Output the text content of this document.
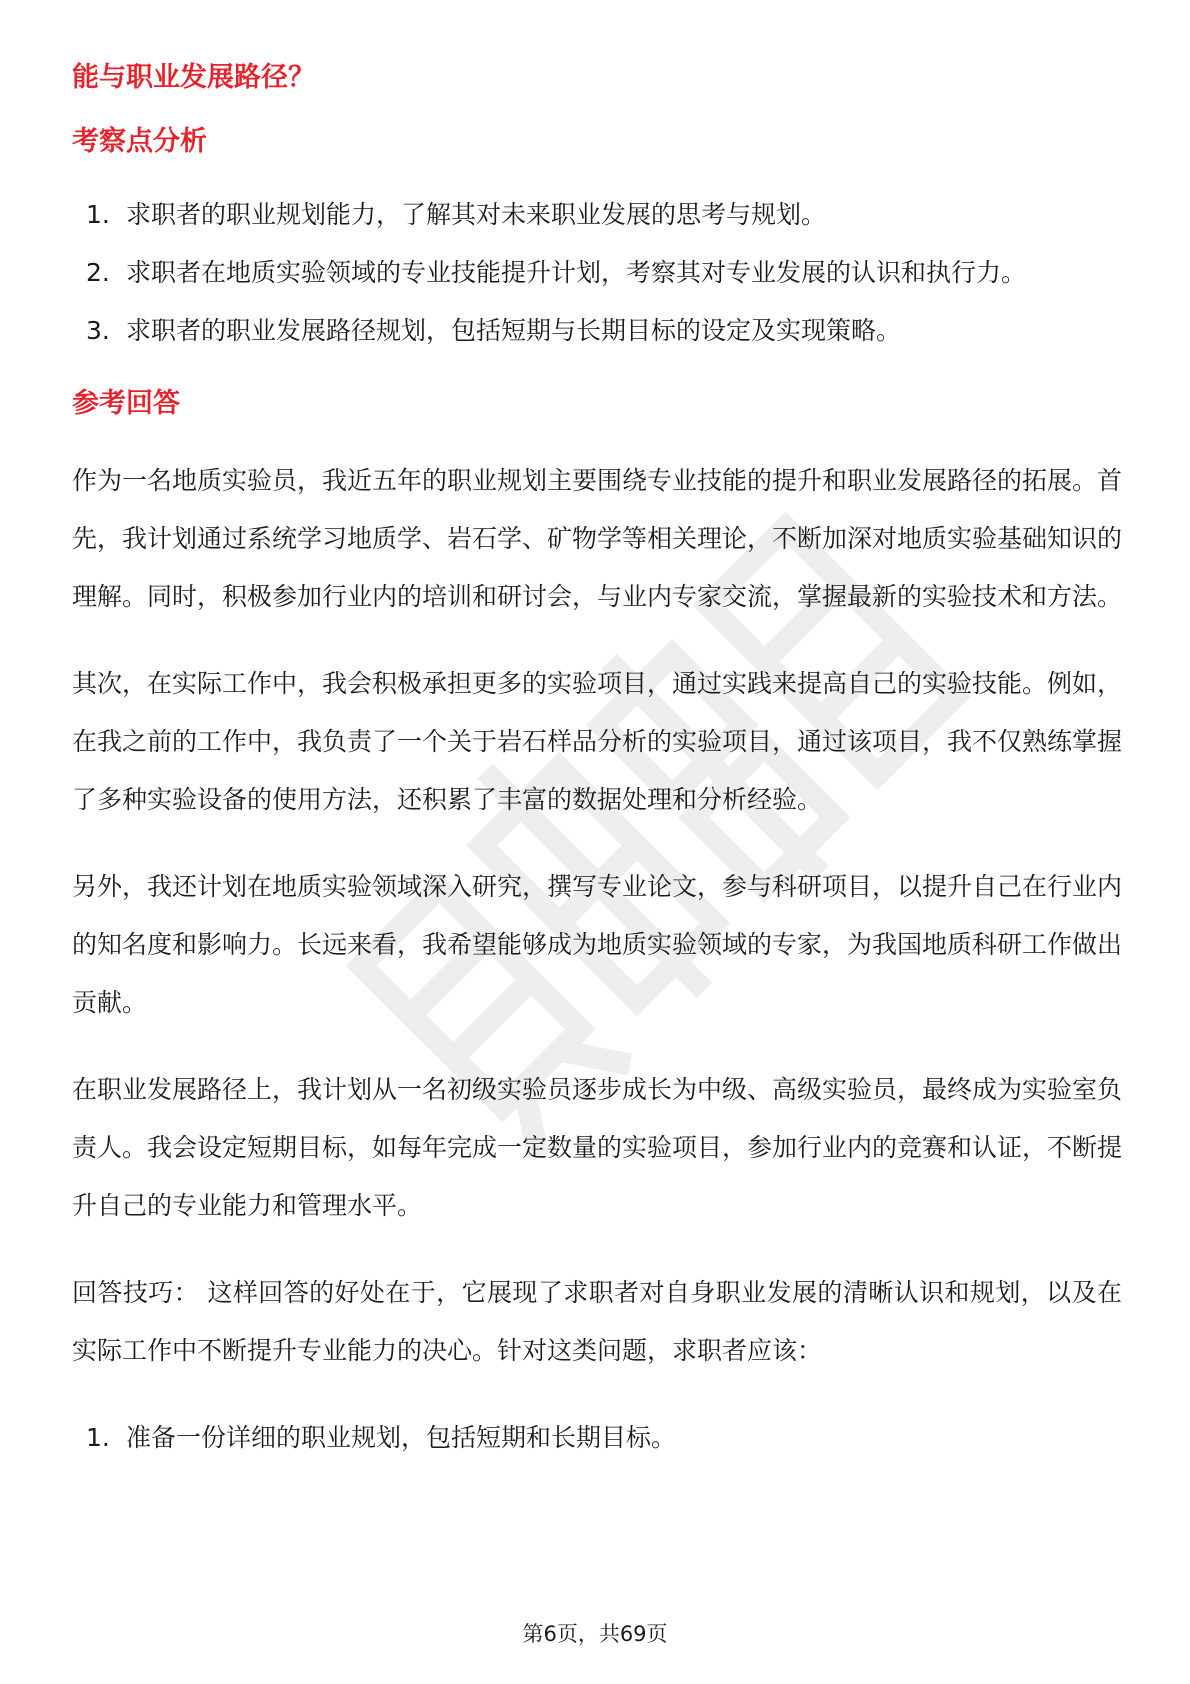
能与职业发展路径？
考察点分析
1. 求职者的职业规划能力，了解其对未来职业发展的思考与规划。
2. 求职者在地质实验领域的专业技能提升计划，考察其对专业发展的认识和执行力。
3. 求职者的职业发展路径规划，包括短期与长期目标的设定及实现策略。
参考回答

作为一名地质实验员，我近五年的职业规划主要围绕专业技能的提升和职业发展路径的拓展。首先，我计划通过系统学习地质学、岩石学、矿物学等相关理论，不断加深对地质实验基础知识的理解。同时，积极参加行业内的培训和研讨会，与业内专家交流，掌握最新的实验技术和方法。

其次，在实际工作中，我会积极承担更多的实验项目，通过实践来提高自己的实验技能。例如，在我之前的工作中，我负责了一个关于岩石样品分析的实验项目，通过该项目，我不仅熟练掌握了多种实验设备的使用方法，还积累了丰富的数据处理和分析经验。

另外，我还计划在地质实验领域深入研究，撰写专业论文，参与科研项目，以提升自己在行业内的知名度和影响力。长远来看，我希望能够成为地质实验领域的专家，为我国地质科研工作做出贡献。

在职业发展路径上，我计划从一名初级实验员逐步成长为中级、高级实验员，最终成为实验室负责人。我会设定短期目标，如每年完成一定数量的实验项目，参加行业内的竞赛和认证，不断提升自己的专业能力和管理水平。

回答技巧： 这样回答的好处在于，它展现了求职者对自身职业发展的清晰认识和规划，以及在实际工作中不断提升专业能力的决心。针对这类问题，求职者应该：

1. 准备一份详细的职业规划，包括短期和长期目标。
第6页，共69页
